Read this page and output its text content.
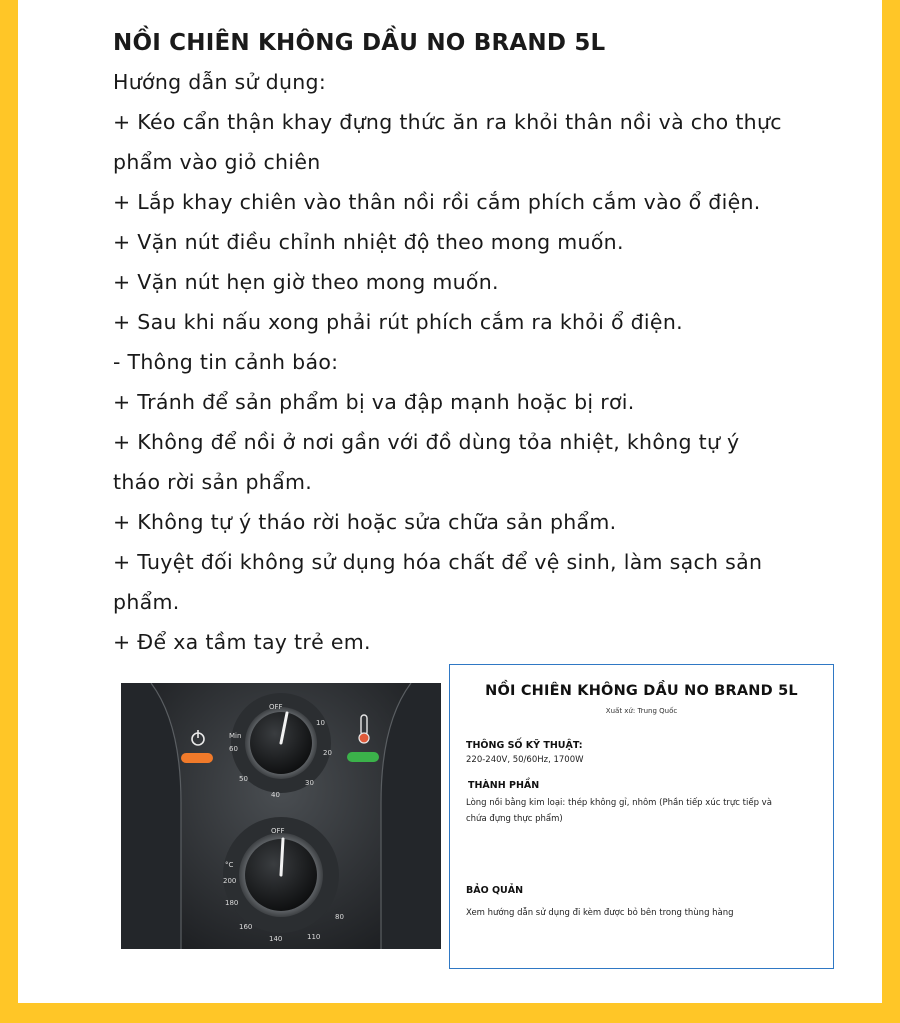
NỒI CHIÊN KHÔNG DẦU NO BRAND 5L
Hướng dẫn sử dụng:
+ Kéo cẩn thận khay đựng thức ăn ra khỏi thân nồi và cho thực
phẩm vào giỏ chiên
+ Lắp khay chiên vào thân nồi rồi cắm phích cắm vào ổ điện.
+ Vặn nút điều chỉnh nhiệt độ theo mong muốn.
+ Vặn nút hẹn giờ theo mong muốn.
+ Sau khi nấu xong phải rút phích cắm ra khỏi ổ điện.
- Thông tin cảnh báo:
+ Tránh để sản phẩm bị va đập mạnh hoặc bị rơi.
+ Không để nồi ở nơi gần với đồ dùng tỏa nhiệt, không tự ý
tháo rời sản phẩm.
+ Không tự ý tháo rời hoặc sửa chữa sản phẩm.
+ Tuyệt đối không sử dụng hóa chất để vệ sinh, làm sạch sản
phẩm.
+ Để xa tầm tay trẻ em.
OFF
Min
10
20
30
40
50
60
OFF
°C
80
110
140
160
180
200
NỒI CHIÊN KHÔNG DẦU NO BRAND 5L
Xuất xứ: Trung Quốc
THÔNG SỐ KỸ THUẬT:
220-240V, 50/60Hz, 1700W
THÀNH PHẦN
Lòng nồi bằng kim loại: thép không gỉ, nhôm (Phần tiếp xúc trực tiếp và
chứa đựng thực phẩm)
BẢO QUẢN
Xem hướng dẫn sử dụng đi kèm được bỏ bên trong thùng hàng
